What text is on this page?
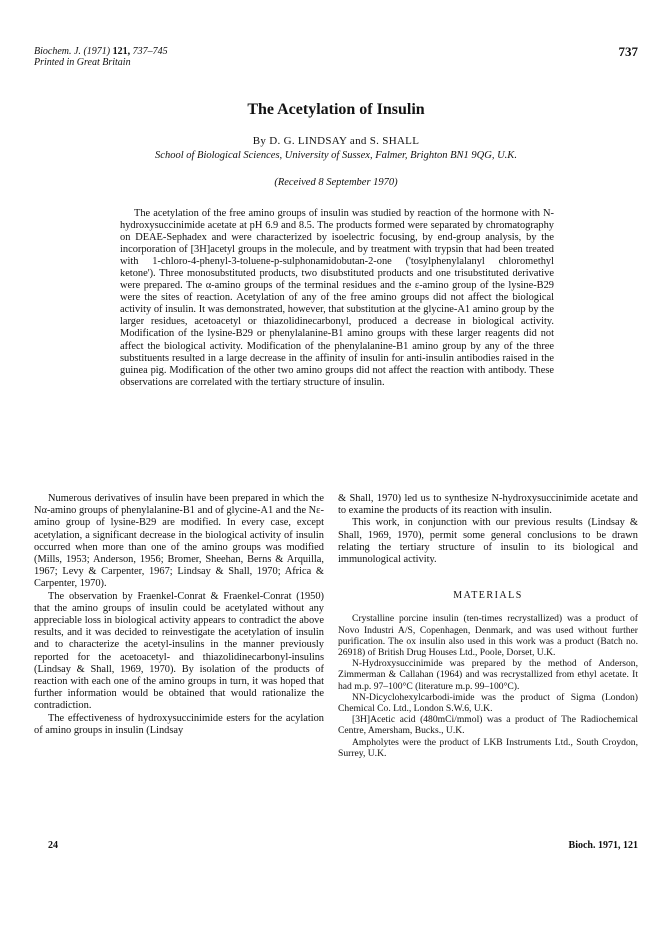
Biochem. J. (1971) 121, 737–745
Printed in Great Britain
737
The Acetylation of Insulin
By D. G. LINDSAY and S. SHALL
School of Biological Sciences, University of Sussex, Falmer, Brighton BN1 9QG, U.K.
(Received 8 September 1970)

The acetylation of the free amino groups of insulin was studied by reaction of the hormone with N-hydroxysuccinimide acetate at pH 6.9 and 8.5. The products formed were separated by chromatography on DEAE-Sephadex and were characterized by isoelectric focusing, by end-group analysis, by the incorporation of [3H]acetyl groups in the molecule, and by treatment with trypsin that had been treated with 1-chloro-4-phenyl-3-toluene-p-sulphonamidobutan-2-one ('tosylphenylalanyl chloromethyl ketone'). Three monosubstituted products, two disubstituted products and one trisubstituted derivative were prepared. The α-amino groups of the terminal residues and the ε-amino group of the lysine-B29 were the sites of reaction. Acetylation of any of the free amino groups did not affect the biological activity of insulin. It was demonstrated, however, that substitution at the glycine-A1 amino group by the larger residues, acetoacetyl or thiazolidinecarbonyl, produced a decrease in biological activity. Modification of the lysine-B29 or phenylalanine-B1 amino groups with these larger reagents did not affect the biological activity. Modification of the phenylalanine-B1 amino group by any of the three substituents resulted in a large decrease in the affinity of insulin for anti-insulin antibodies raised in the guinea pig. Modification of the other two amino groups did not affect the reaction with antibody. These observations are correlated with the tertiary structure of insulin.

Numerous derivatives of insulin have been prepared in which the Nα-amino groups of phenylalanine-B1 and of glycine-A1 and the Nε-amino group of lysine-B29 are modified. In every case, except acetylation, a significant decrease in the biological activity of insulin occurred when more than one of the amino groups was modified (Mills, 1953; Anderson, 1956; Bromer, Sheehan, Berns & Arquilla, 1967; Levy & Carpenter, 1967; Lindsay & Shall, 1970; Africa & Carpenter, 1970).

The observation by Fraenkel-Conrat & Fraenkel-Conrat (1950) that the amino groups of insulin could be acetylated without any appreciable loss in biological activity appears to contradict the above results, and it was decided to reinvestigate the acetylation of insulin and to characterize the acetyl-insulins in the manner previously reported for the acetoacetyl- and thiazolidinecarbonyl-insulins (Lindsay & Shall, 1969, 1970). By isolation of the products of reaction with each one of the amino groups in turn, it was hoped that further information would be obtained that would rationalize the contradiction.

The effectiveness of hydroxysuccinimide esters for the acylation of amino groups in insulin (Lindsay

& Shall, 1970) led us to synthesize N-hydroxysuccinimide acetate and to examine the products of its reaction with insulin.

This work, in conjunction with our previous results (Lindsay & Shall, 1969, 1970), permit some general conclusions to be drawn relating the tertiary structure of insulin to its biological and immunological activity.

MATERIALS

Crystalline porcine insulin (ten-times recrystallized) was a product of Novo Industri A/S, Copenhagen, Denmark, and was used without further purification. The ox insulin also used in this work was a product (Batch no. 26918) of British Drug Houses Ltd., Poole, Dorset, U.K.

N-Hydroxysuccinimide was prepared by the method of Anderson, Zimmerman & Callahan (1964) and was recrystallized from ethyl acetate. It had m.p. 97–100°C (literature m.p. 99–100°C).

NN-Dicyclohexylcarbodi-imide was the product of Sigma (London) Chemical Co. Ltd., London S.W.6, U.K.

[3H]Acetic acid (480mCi/mmol) was a product of The Radiochemical Centre, Amersham, Bucks., U.K.

Ampholytes were the product of LKB Instruments Ltd., South Croydon, Surrey, U.K.

24	Bioch. 1971, 121
